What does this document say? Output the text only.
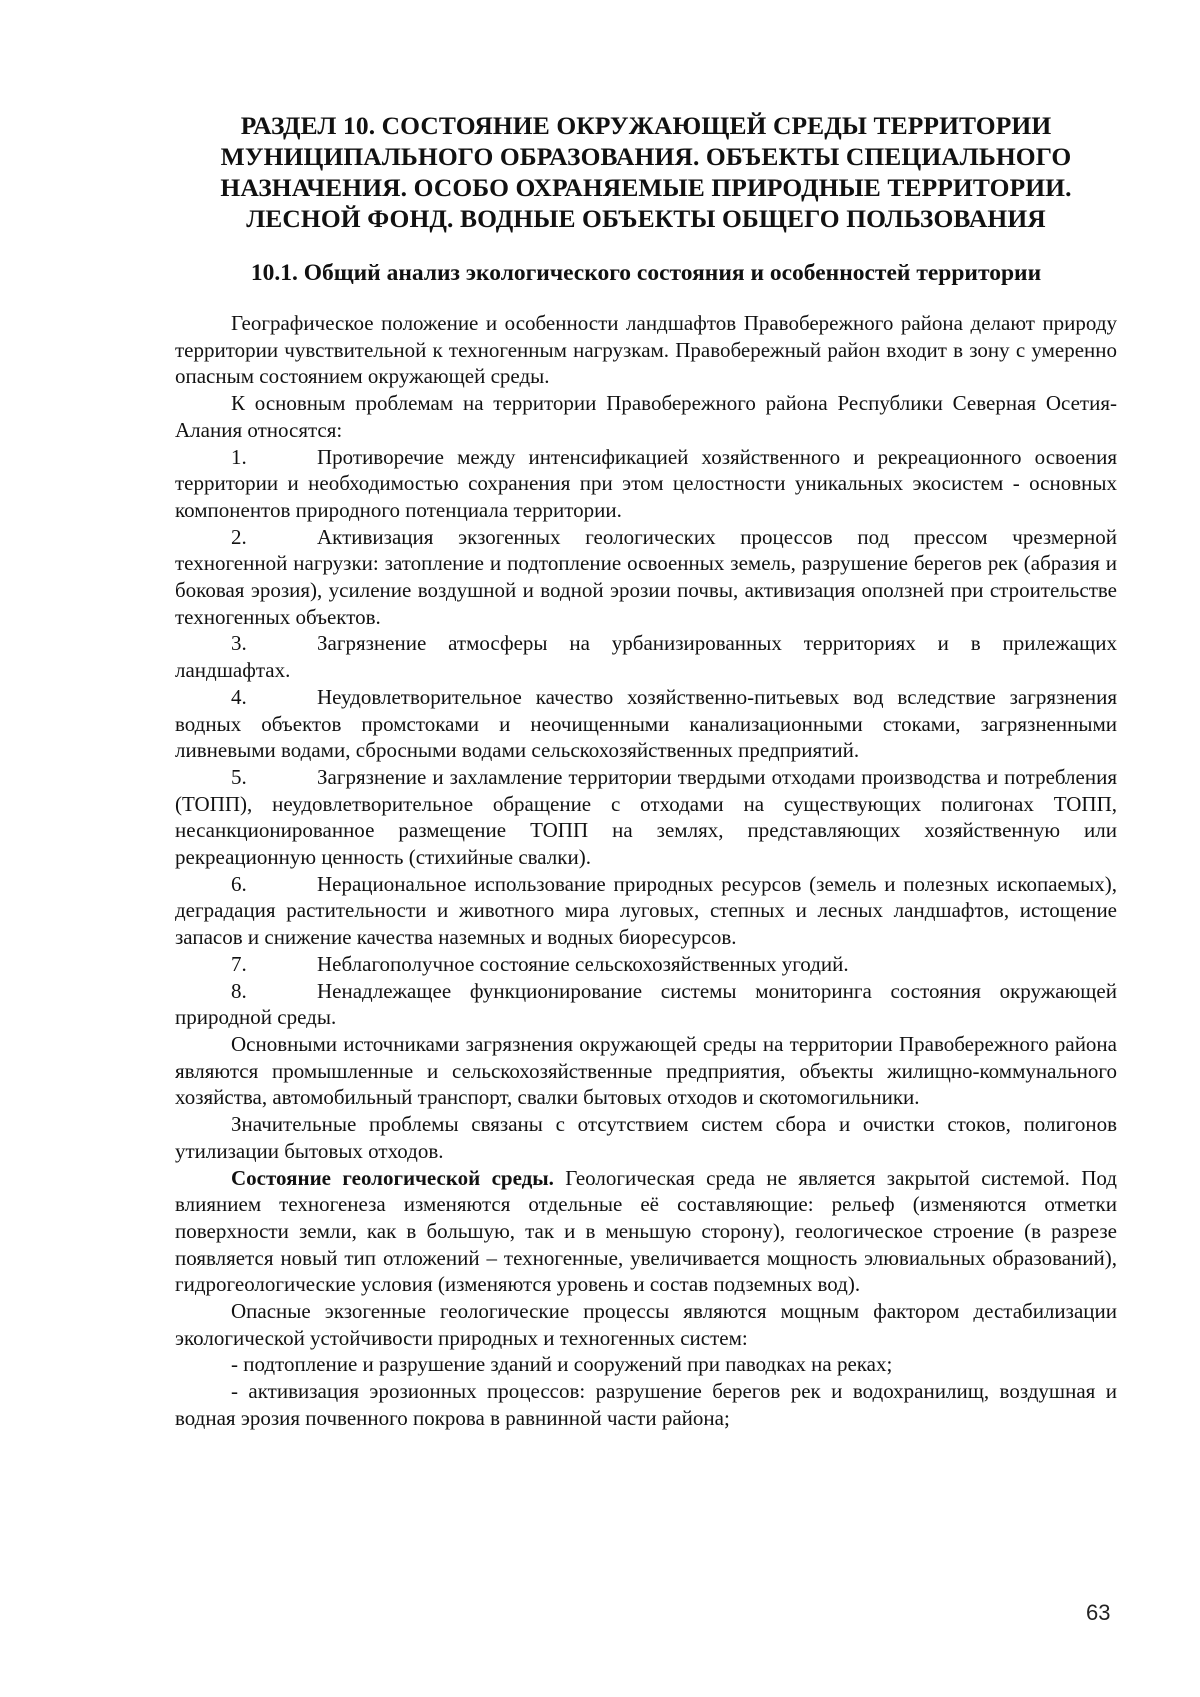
РАЗДЕЛ 10. СОСТОЯНИЕ ОКРУЖАЮЩЕЙ СРЕДЫ ТЕРРИТОРИИ МУНИЦИПАЛЬНОГО ОБРАЗОВАНИЯ. ОБЪЕКТЫ СПЕЦИАЛЬНОГО НАЗНАЧЕНИЯ. ОСОБО ОХРАНЯЕМЫЕ ПРИРОДНЫЕ ТЕРРИТОРИИ. ЛЕСНОЙ ФОНД. ВОДНЫЕ ОБЪЕКТЫ ОБЩЕГО ПОЛЬЗОВАНИЯ
10.1. Общий анализ экологического состояния и особенностей территории

Географическое положение и особенности ландшафтов Правобережного района делают природу территории чувствительной к техногенным нагрузкам. Правобережный район входит в зону с умеренно опасным состоянием окружающей среды.

К основным проблемам на территории Правобережного района Республики Северная Осетия-Алания относятся:

1.	Противоречие между интенсификацией хозяйственного и рекреационного освоения территории и необходимостью сохранения при этом целостности уникальных экосистем - основных компонентов природного потенциала территории.

2.	Активизация экзогенных геологических процессов под прессом чрезмерной техногенной нагрузки: затопление и подтопление освоенных земель, разрушение берегов рек (абразия и боковая эрозия), усиление воздушной и водной эрозии почвы, активизация оползней при строительстве техногенных объектов.

3.	Загрязнение атмосферы на урбанизированных территориях и в прилежащих ландшафтах.

4.	Неудовлетворительное качество хозяйственно-питьевых вод вследствие загрязнения водных объектов промстоками и неочищенными канализационными стоками, загрязненными ливневыми водами, сбросными водами сельскохозяйственных предприятий.

5.	Загрязнение и захламление территории твердыми отходами производства и потребления (ТОПП), неудовлетворительное обращение с отходами на существующих полигонах ТОПП, несанкционированное размещение ТОПП на землях, представляющих хозяйственную или рекреационную ценность (стихийные свалки).

6.	Нерациональное использование природных ресурсов (земель и полезных ископаемых), деградация растительности и животного мира луговых, степных и лесных ландшафтов, истощение запасов и снижение качества наземных и водных биоресурсов.

7.	Неблагополучное состояние сельскохозяйственных угодий.

8.	Ненадлежащее функционирование системы мониторинга состояния окружающей природной среды.

Основными источниками загрязнения окружающей среды на территории Правобережного района являются промышленные и сельскохозяйственные предприятия, объекты жилищно-коммунального хозяйства, автомобильный транспорт, свалки бытовых отходов и скотомогильники.

Значительные проблемы связаны с отсутствием систем сбора и очистки стоков, полигонов утилизации бытовых отходов.

Состояние геологической среды. Геологическая среда не является закрытой системой. Под влиянием техногенеза изменяются отдельные её составляющие: рельеф (изменяются отметки поверхности земли, как в большую, так и в меньшую сторону), геологическое строение (в разрезе появляется новый тип отложений – техногенные, увеличивается мощность элювиальных образований), гидрогеологические условия (изменяются уровень и состав подземных вод).

Опасные экзогенные геологические процессы являются мощным фактором дестабилизации экологической устойчивости природных и техногенных систем:

- подтопление и разрушение зданий и сооружений при паводках на реках;

- активизация эрозионных процессов: разрушение берегов рек и водохранилищ, воздушная и водная эрозия почвенного покрова в равнинной части района;

63
